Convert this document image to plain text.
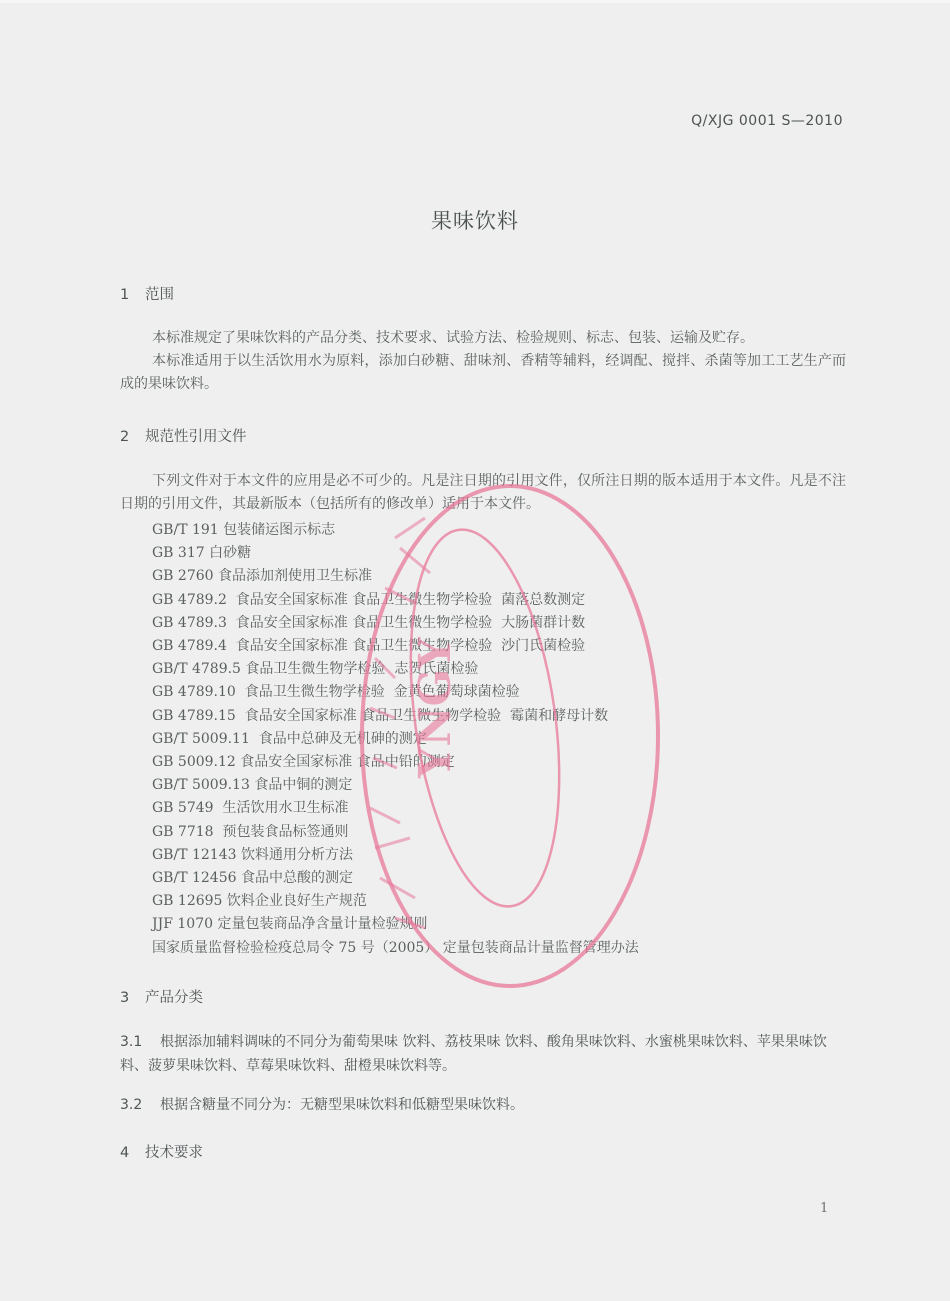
Q/XJG 0001 S—2010
果味饮料
1 范围
本标准规定了果味饮料的产品分类、技术要求、试验方法、检验规则、标志、包装、运输及贮存。
本标准适用于以生活饮用水为原料，添加白砂糖、甜味剂、香精等辅料，经调配、搅拌、杀菌等加工工艺生产而成的果味饮料。
2 规范性引用文件
下列文件对于本文件的应用是必不可少的。凡是注日期的引用文件，仅所注日期的版本适用于本文件。凡是不注日期的引用文件，其最新版本（包括所有的修改单）适用于本文件。
GB/T 191 包装储运图示标志
GB 317 白砂糖
GB 2760 食品添加剂使用卫生标准
GB 4789.2  食品安全国家标准 食品卫生微生物学检验  菌落总数测定
GB 4789.3  食品安全国家标准 食品卫生微生物学检验  大肠菌群计数
GB 4789.4  食品安全国家标准 食品卫生微生物学检验  沙门氏菌检验
GB/T 4789.5 食品卫生微生物学检验  志贺氏菌检验
GB 4789.10  食品卫生微生物学检验  金黄色葡萄球菌检验
GB 4789.15  食品安全国家标准 食品卫生微生物学检验  霉菌和酵母计数
GB/T 5009.11  食品中总砷及无机砷的测定
GB 5009.12 食品安全国家标准 食品中铅的测定
GB/T 5009.13 食品中铜的测定
GB 5749  生活饮用水卫生标准
GB 7718  预包装食品标签通则
GB/T 12143 饮料通用分析方法
GB/T 12456 食品中总酸的测定
GB 12695 饮料企业良好生产规范
JJF 1070 定量包装商品净含量计量检验规则
国家质量监督检验检疫总局令 75 号（2005） 定量包装商品计量监督管理办法
3 产品分类
3.1 根据添加辅料调味的不同分为葡萄果味 饮料、荔枝果味 饮料、酸角果味饮料、水蜜桃果味饮料、苹果果味饮料、菠萝果味饮料、草莓果味饮料、甜橙果味饮料等。
3.2 根据含糖量不同分为：无糖型果味饮料和低糖型果味饮料。
4 技术要求
1
YNGY
